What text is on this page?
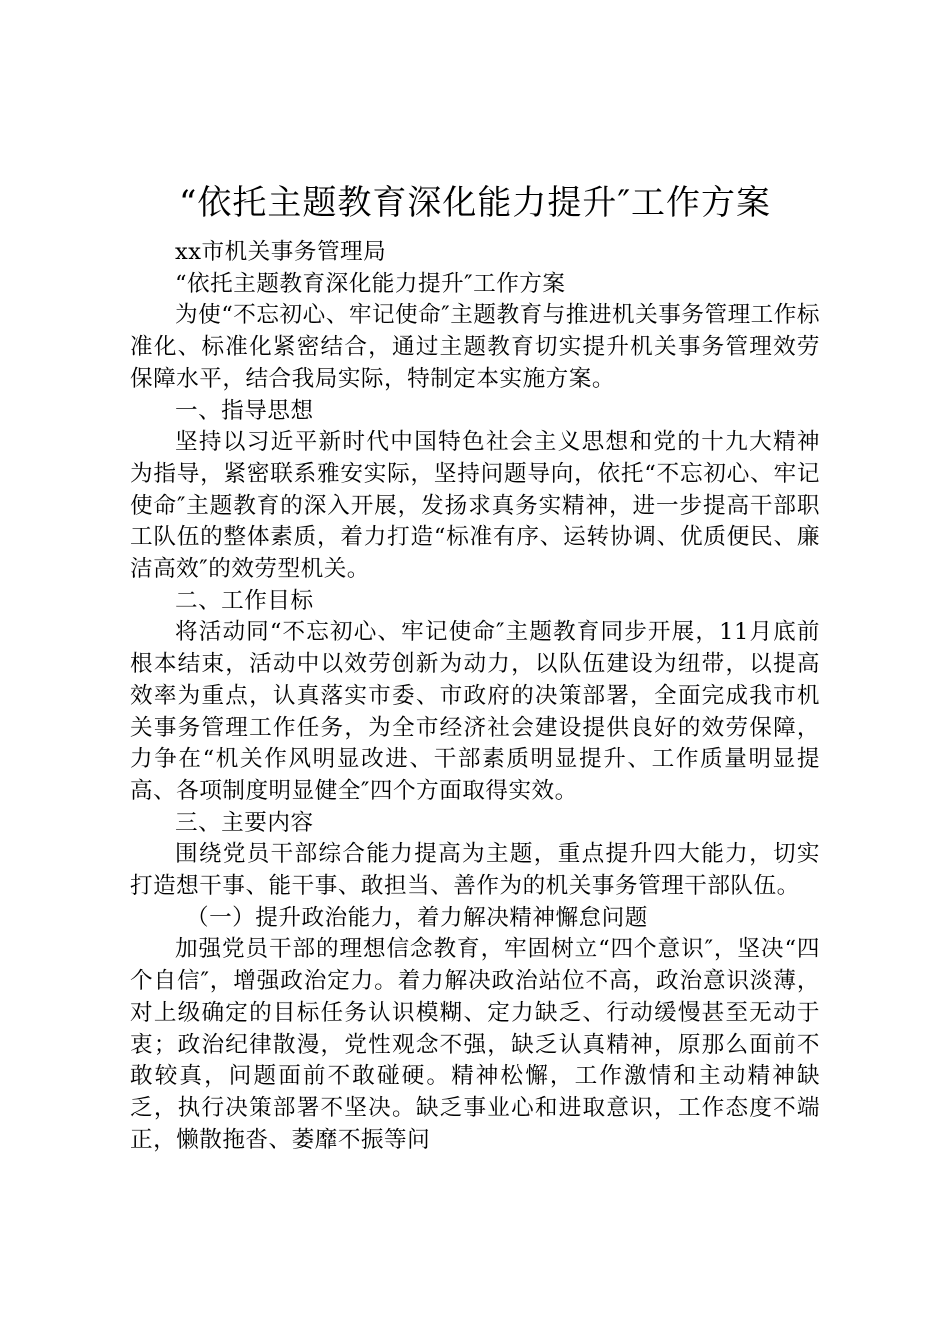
“依托主题教育深化能力提升″工作方案

xx市机关事务管理局

“依托主题教育深化能力提升″工作方案

为使“不忘初心、牢记使命″主题教育与推进机关事务管理工作标准化、标准化紧密结合，通过主题教育切实提升机关事务管理效劳保障水平，结合我局实际，特制定本实施方案。

一、指导思想

坚持以习近平新时代中国特色社会主义思想和党的十九大精神为指导，紧密联系雅安实际，坚持问题导向，依托“不忘初心、牢记使命″主题教育的深入开展，发扬求真务实精神，进一步提高干部职工队伍的整体素质，着力打造“标准有序、运转协调、优质便民、廉洁高效″的效劳型机关。

二、工作目标

将活动同“不忘初心、牢记使命″主题教育同步开展，11月底前根本结束，活动中以效劳创新为动力，以队伍建设为纽带，以提高效率为重点，认真落实市委、市政府的决策部署，全面完成我市机关事务管理工作任务，为全市经济社会建设提供良好的效劳保障，力争在“机关作风明显改进、干部素质明显提升、工作质量明显提高、各项制度明显健全″四个方面取得实效。

三、主要内容

围绕党员干部综合能力提高为主题，重点提升四大能力，切实打造想干事、能干事、敢担当、善作为的机关事务管理干部队伍。

（一）提升政治能力，着力解决精神懈怠问题

加强党员干部的理想信念教育，牢固树立“四个意识″，坚决“四个自信″，增强政治定力。着力解决政治站位不高，政治意识淡薄，对上级确定的目标任务认识模糊、定力缺乏、行动缓慢甚至无动于衷；政治纪律散漫，党性观念不强，缺乏认真精神，原那么面前不敢较真，问题面前不敢碰硬。精神松懈，工作激情和主动精神缺乏，执行决策部署不坚决。缺乏事业心和进取意识，工作态度不端正，懒散拖沓、萎靡不振等问
